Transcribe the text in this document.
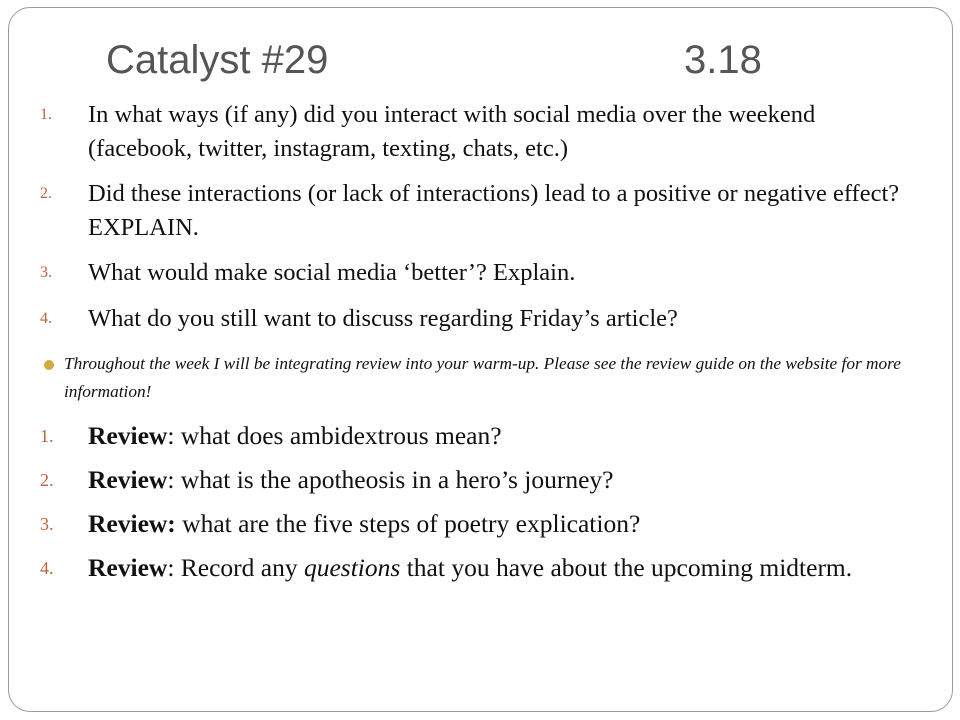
Catalyst #29	3.18
1. In what ways (if any) did you interact with social media over the weekend (facebook, twitter, instagram, texting, chats, etc.)
2. Did these interactions (or lack of interactions) lead to a positive or negative effect? EXPLAIN.
3. What would make social media ‘better’? Explain.
4. What do you still want to discuss regarding Friday’s article?
Throughout the week I will be integrating review into your warm-up. Please see the review guide on the website for more information!
1. Review: what does ambidextrous mean?
2. Review: what is the apotheosis in a hero’s journey?
3. Review: what are the five steps of poetry explication?
4. Review: Record any questions that you have about the upcoming midterm.
